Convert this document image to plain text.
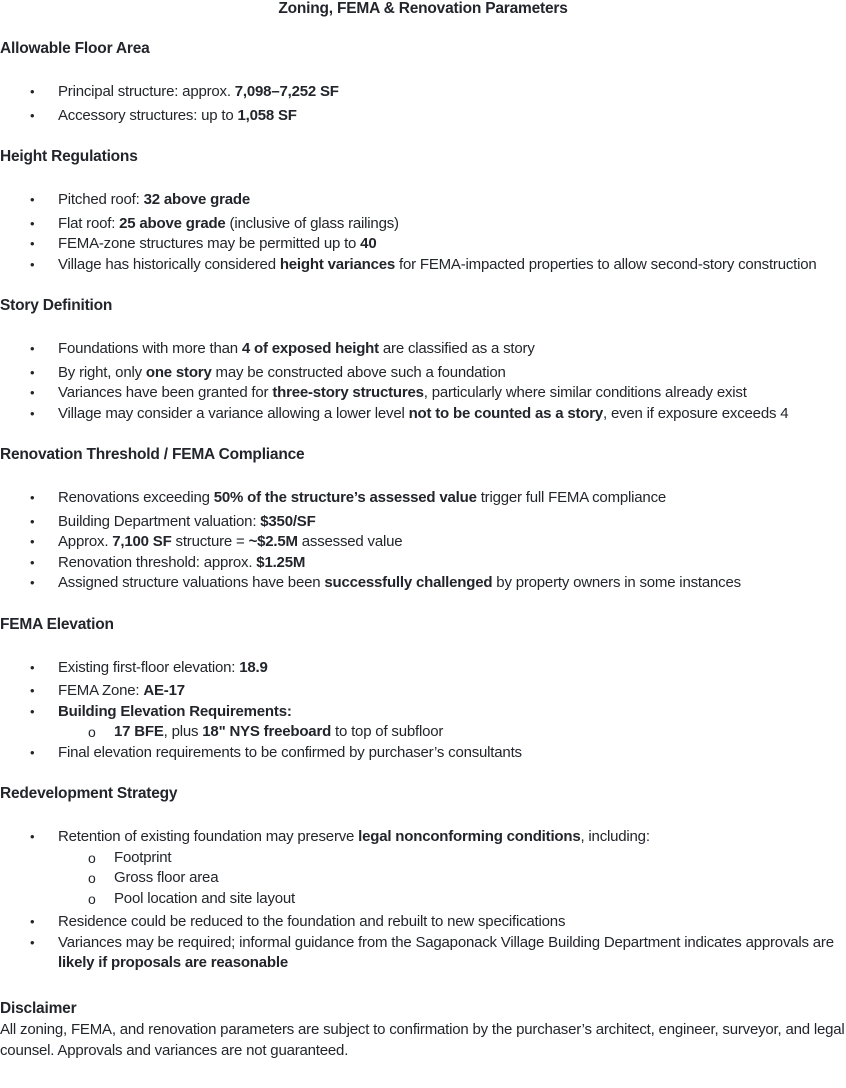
Zoning, FEMA & Renovation Parameters
Allowable Floor Area
• Principal structure: approx. 7,098–7,252 SF
• Accessory structures: up to 1,058 SF
Height Regulations
• Pitched roof: 32 above grade
• Flat roof: 25 above grade (inclusive of glass railings)
• FEMA-zone structures may be permitted up to 40
• Village has historically considered height variances for FEMA-impacted properties to allow second-story construction
Story Definition
• Foundations with more than 4 of exposed height are classified as a story
• By right, only one story may be constructed above such a foundation
• Variances have been granted for three-story structures, particularly where similar conditions already exist
• Village may consider a variance allowing a lower level not to be counted as a story, even if exposure exceeds 4
Renovation Threshold / FEMA Compliance
• Renovations exceeding 50% of the structure’s assessed value trigger full FEMA compliance
• Building Department valuation: $350/SF
• Approx. 7,100 SF structure = ~$2.5M assessed value
• Renovation threshold: approx. $1.25M
• Assigned structure valuations have been successfully challenged by property owners in some instances
FEMA Elevation
• Existing first-floor elevation: 18.9
• FEMA Zone: AE-17
• Building Elevation Requirements:
o 17 BFE, plus 18" NYS freeboard to top of subfloor
• Final elevation requirements to be confirmed by purchaser’s consultants
Redevelopment Strategy
• Retention of existing foundation may preserve legal nonconforming conditions, including:
o Footprint
o Gross floor area
o Pool location and site layout
• Residence could be reduced to the foundation and rebuilt to new specifications
• Variances may be required; informal guidance from the Sagaponack Village Building Department indicates approvals are likely if proposals are reasonable
Disclaimer

All zoning, FEMA, and renovation parameters are subject to confirmation by the purchaser’s architect, engineer, surveyor, and legal counsel. Approvals and variances are not guaranteed.
